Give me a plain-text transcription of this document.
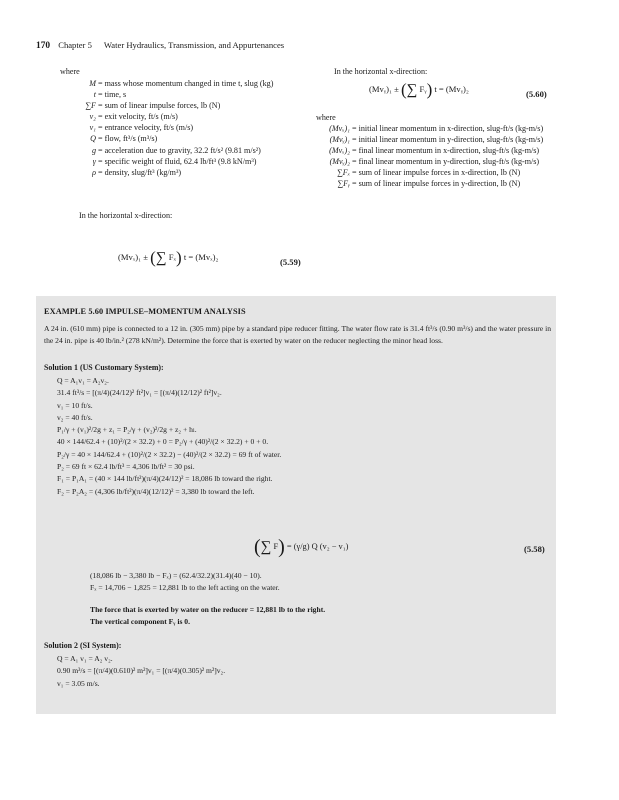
170 Chapter 5 Water Hydraulics, Transmission, and Appurtenances
where
M = mass whose momentum changed in time t, slug (kg)
t = time, s
∑F = sum of linear impulse forces, lb (N)
v₂ = exit velocity, ft/s (m/s)
v₁ = entrance velocity, ft/s (m/s)
Q = flow, ft³/s (m³/s)
g = acceleration due to gravity, 32.2 ft/s² (9.81 m/s²)
γ = specific weight of fluid, 62.4 lb/ft³ (9.8 kN/m³)
ρ = density, slug/ft³ (kg/m³)
In the horizontal x-direction:
(Mvₓ)₁ ± (∑ Fₓ) t = (Mvₓ)₂	(5.59)
In the horizontal x-direction:
(Mvᵧ)₁ ± (∑ Fᵧ) t = (Mvᵧ)₂	(5.60)
where
(Mvₓ)₁ = initial linear momentum in x-direction, slug-ft/s (kg-m/s)
(Mvᵧ)₁ = initial linear momentum in y-direction, slug-ft/s (kg-m/s)
(Mvₓ)₂ = final linear momentum in x-direction, slug-ft/s (kg-m/s)
(Mvᵧ)₂ = final linear momentum in y-direction, slug-ft/s (kg-m/s)
∑Fₓ = sum of linear impulse forces in x-direction, lb (N)
∑Fᵧ = sum of linear impulse forces in y-direction, lb (N)
EXAMPLE 5.60 IMPULSE–MOMENTUM ANALYSIS
A 24 in. (610 mm) pipe is connected to a 12 in. (305 mm) pipe by a standard pipe reducer fitting. The water flow rate is 31.4 ft³/s (0.90 m³/s) and the water pressure in the 24 in. pipe is 40 lb/in.² (278 kN/m²). Determine the force that is exerted by water on the reducer neglecting the minor head loss.
Solution 1 (US Customary System):
Q = A₁v₁ = A₂v₂.
31.4 ft³/s = [(π/4)(24/12)² ft²]v₁ = [(π/4)(12/12)² ft²]v₂.
v₁ = 10 ft/s.
v₂ = 40 ft/s.
P₁/γ + (v₁)²/2g + z₁ = P₂/γ + (v₂)²/2g + z₂ + hₗ.
40 × 144/62.4 + (10)²/(2 × 32.2) + 0 = P₂/γ + (40)²/(2 × 32.2) + 0 + 0.
P₂/γ = 40 × 144/62.4 + (10)²/(2 × 32.2) − (40)²/(2 × 32.2) = 69 ft of water.
P₂ = 69 ft × 62.4 lb/ft³ = 4,306 lb/ft² = 30 psi.
F₁ = P₁A₁ = (40 × 144 lb/ft²)(π/4)(24/12)² = 18,086 lb toward the right.
F₂ = P₂A₂ = (4,306 lb/ft²)(π/4)(12/12)² = 3,380 lb toward the left.
(∑ F) = (γ/g) Q (v₂ − v₁)	(5.58)
(18,086 lb − 3,380 lb − Fₓ) = (62.4/32.2)(31.4)(40 − 10).
Fₓ = 14,706 − 1,825 = 12,881 lb to the left acting on the water.
The force that is exerted by water on the reducer = 12,881 lb to the right.
The vertical component Fᵧ is 0.
Solution 2 (SI System):
Q = A₁ v₁ = A₂ v₂.
0.90 m³/s = [(π/4)(0.610)² m²]v₁ = [(π/4)(0.305)² m²]v₂.
v₁ = 3.05 m/s.
